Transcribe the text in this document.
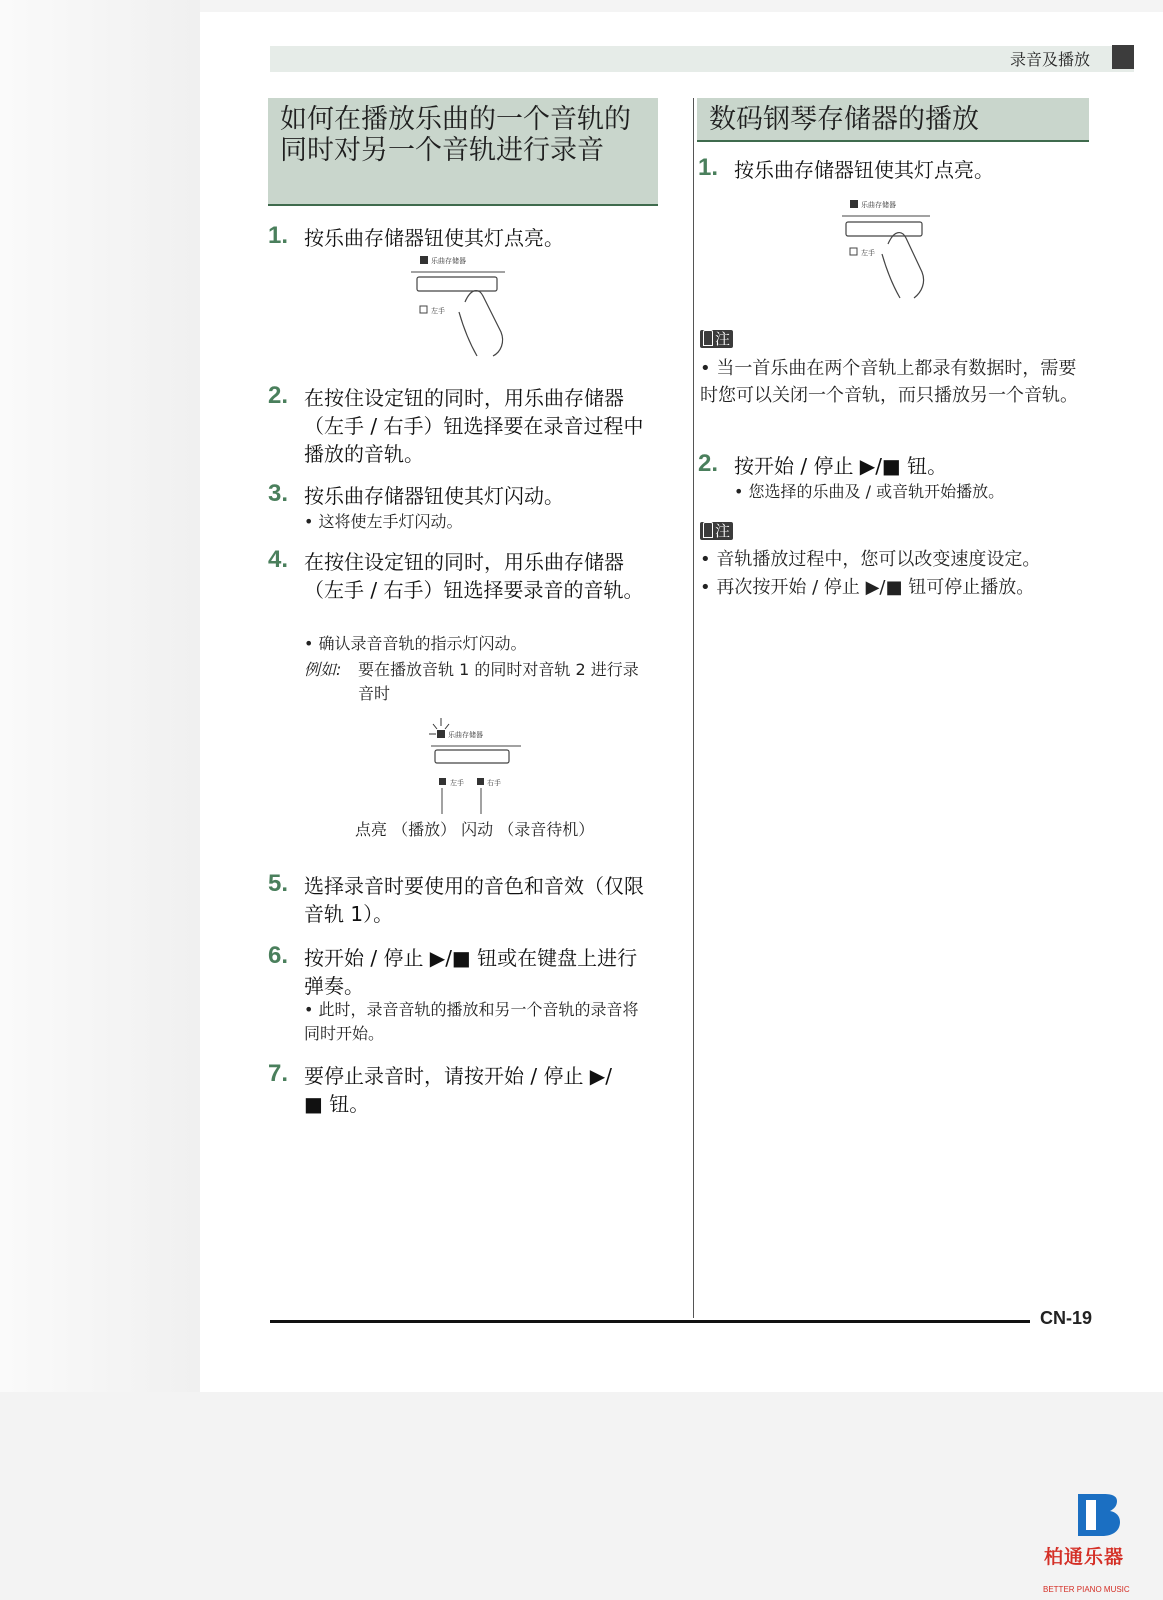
录音及播放
如何在播放乐曲的一个音轨的同时对另一个音轨进行录音
1. 按乐曲存储器钮使其灯点亮。
乐曲存储器
左手
2. 在按住设定钮的同时，用乐曲存储器（左手 / 右手）钮选择要在录音过程中播放的音轨。
3. 按乐曲存储器钮使其灯闪动。
• 这将使左手灯闪动。
4. 在按住设定钮的同时，用乐曲存储器（左手 / 右手）钮选择要录音的音轨。
• 确认录音音轨的指示灯闪动。
例如: 要在播放音轨 1 的同时对音轨 2 进行录音时
乐曲存储器
左手	右手
点亮 （播放） 闪动 （录音待机）
5. 选择录音时要使用的音色和音效（仅限音轨 1）。
6. 按开始 / 停止 ▶/■ 钮或在键盘上进行弹奏。
• 此时，录音音轨的播放和另一个音轨的录音将同时开始。
7. 要停止录音时，请按开始 / 停止 ▶/■ 钮。
数码钢琴存储器的播放
1. 按乐曲存储器钮使其灯点亮。
乐曲存储器
左手
注
• 当一首乐曲在两个音轨上都录有数据时，需要时您可以关闭一个音轨，而只播放另一个音轨。
2. 按开始 / 停止 ▶/■ 钮。
• 您选择的乐曲及 / 或音轨开始播放。
注
• 音轨播放过程中，您可以改变速度设定。
• 再次按开始 / 停止 ▶/■ 钮可停止播放。
CN-19
柏通乐器
BETTER PIANO MUSIC
